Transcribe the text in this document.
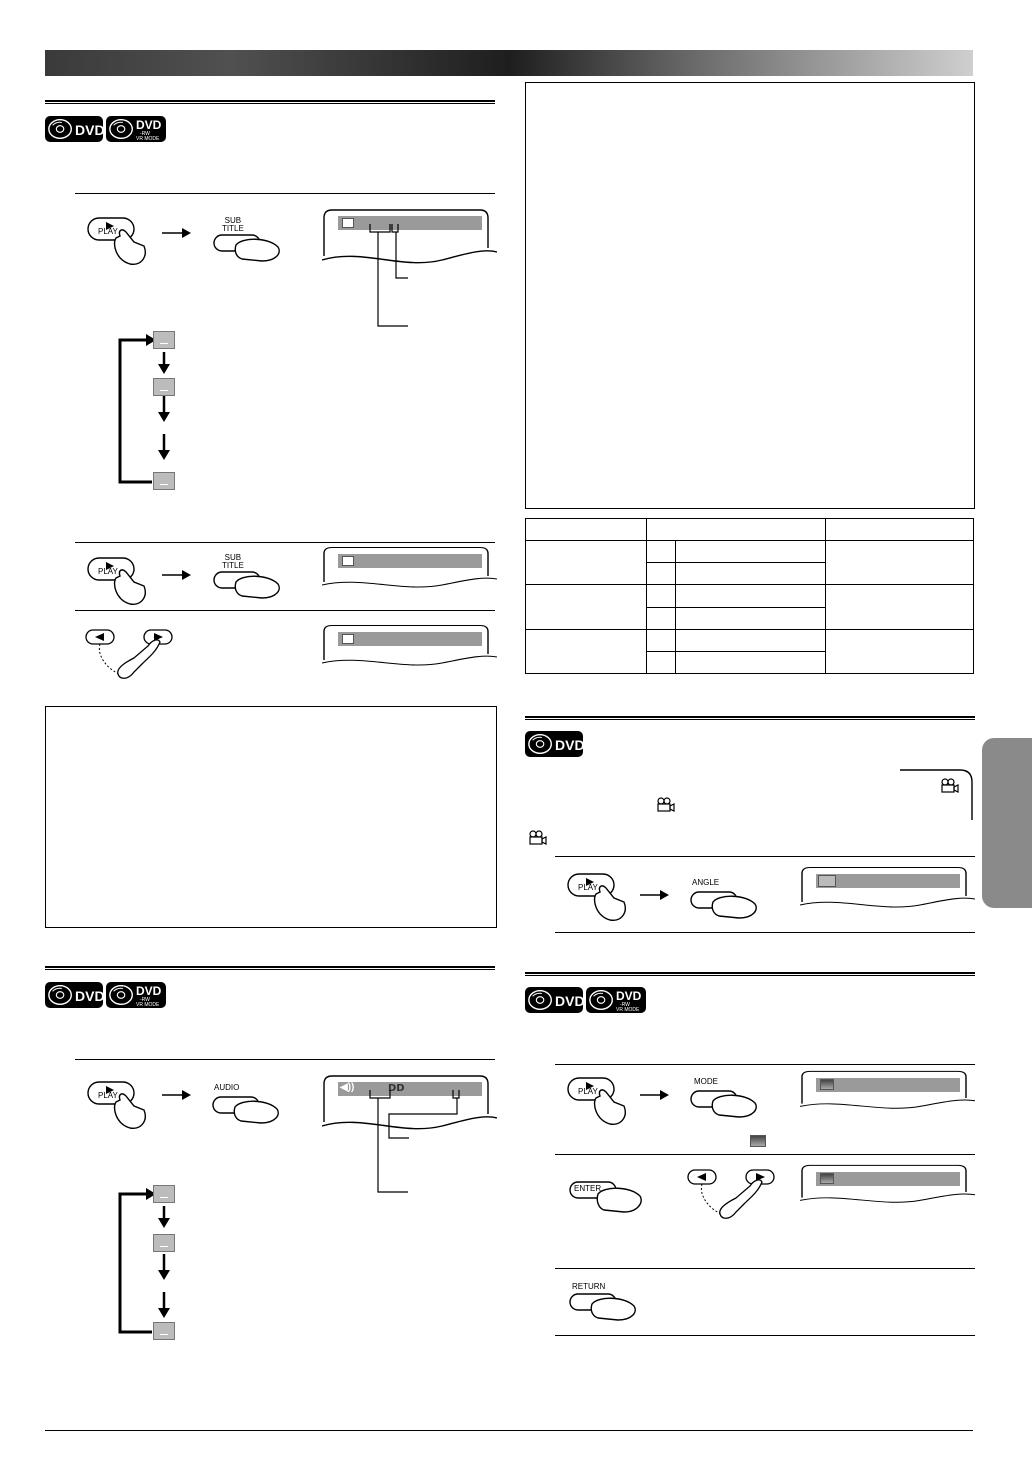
DVD	DVD
-RW
VR MODE
PLAY
SUB
TITLE
PLAY
SUB
TITLE
DVD	DVD
-RW
VR MODE
PLAY
AUDIO	◀))	DD

DVD
PLAY
ANGLE
DVD	DVD
-RW
VR MODE
PLAY
MODE
ENTER
RETURN
